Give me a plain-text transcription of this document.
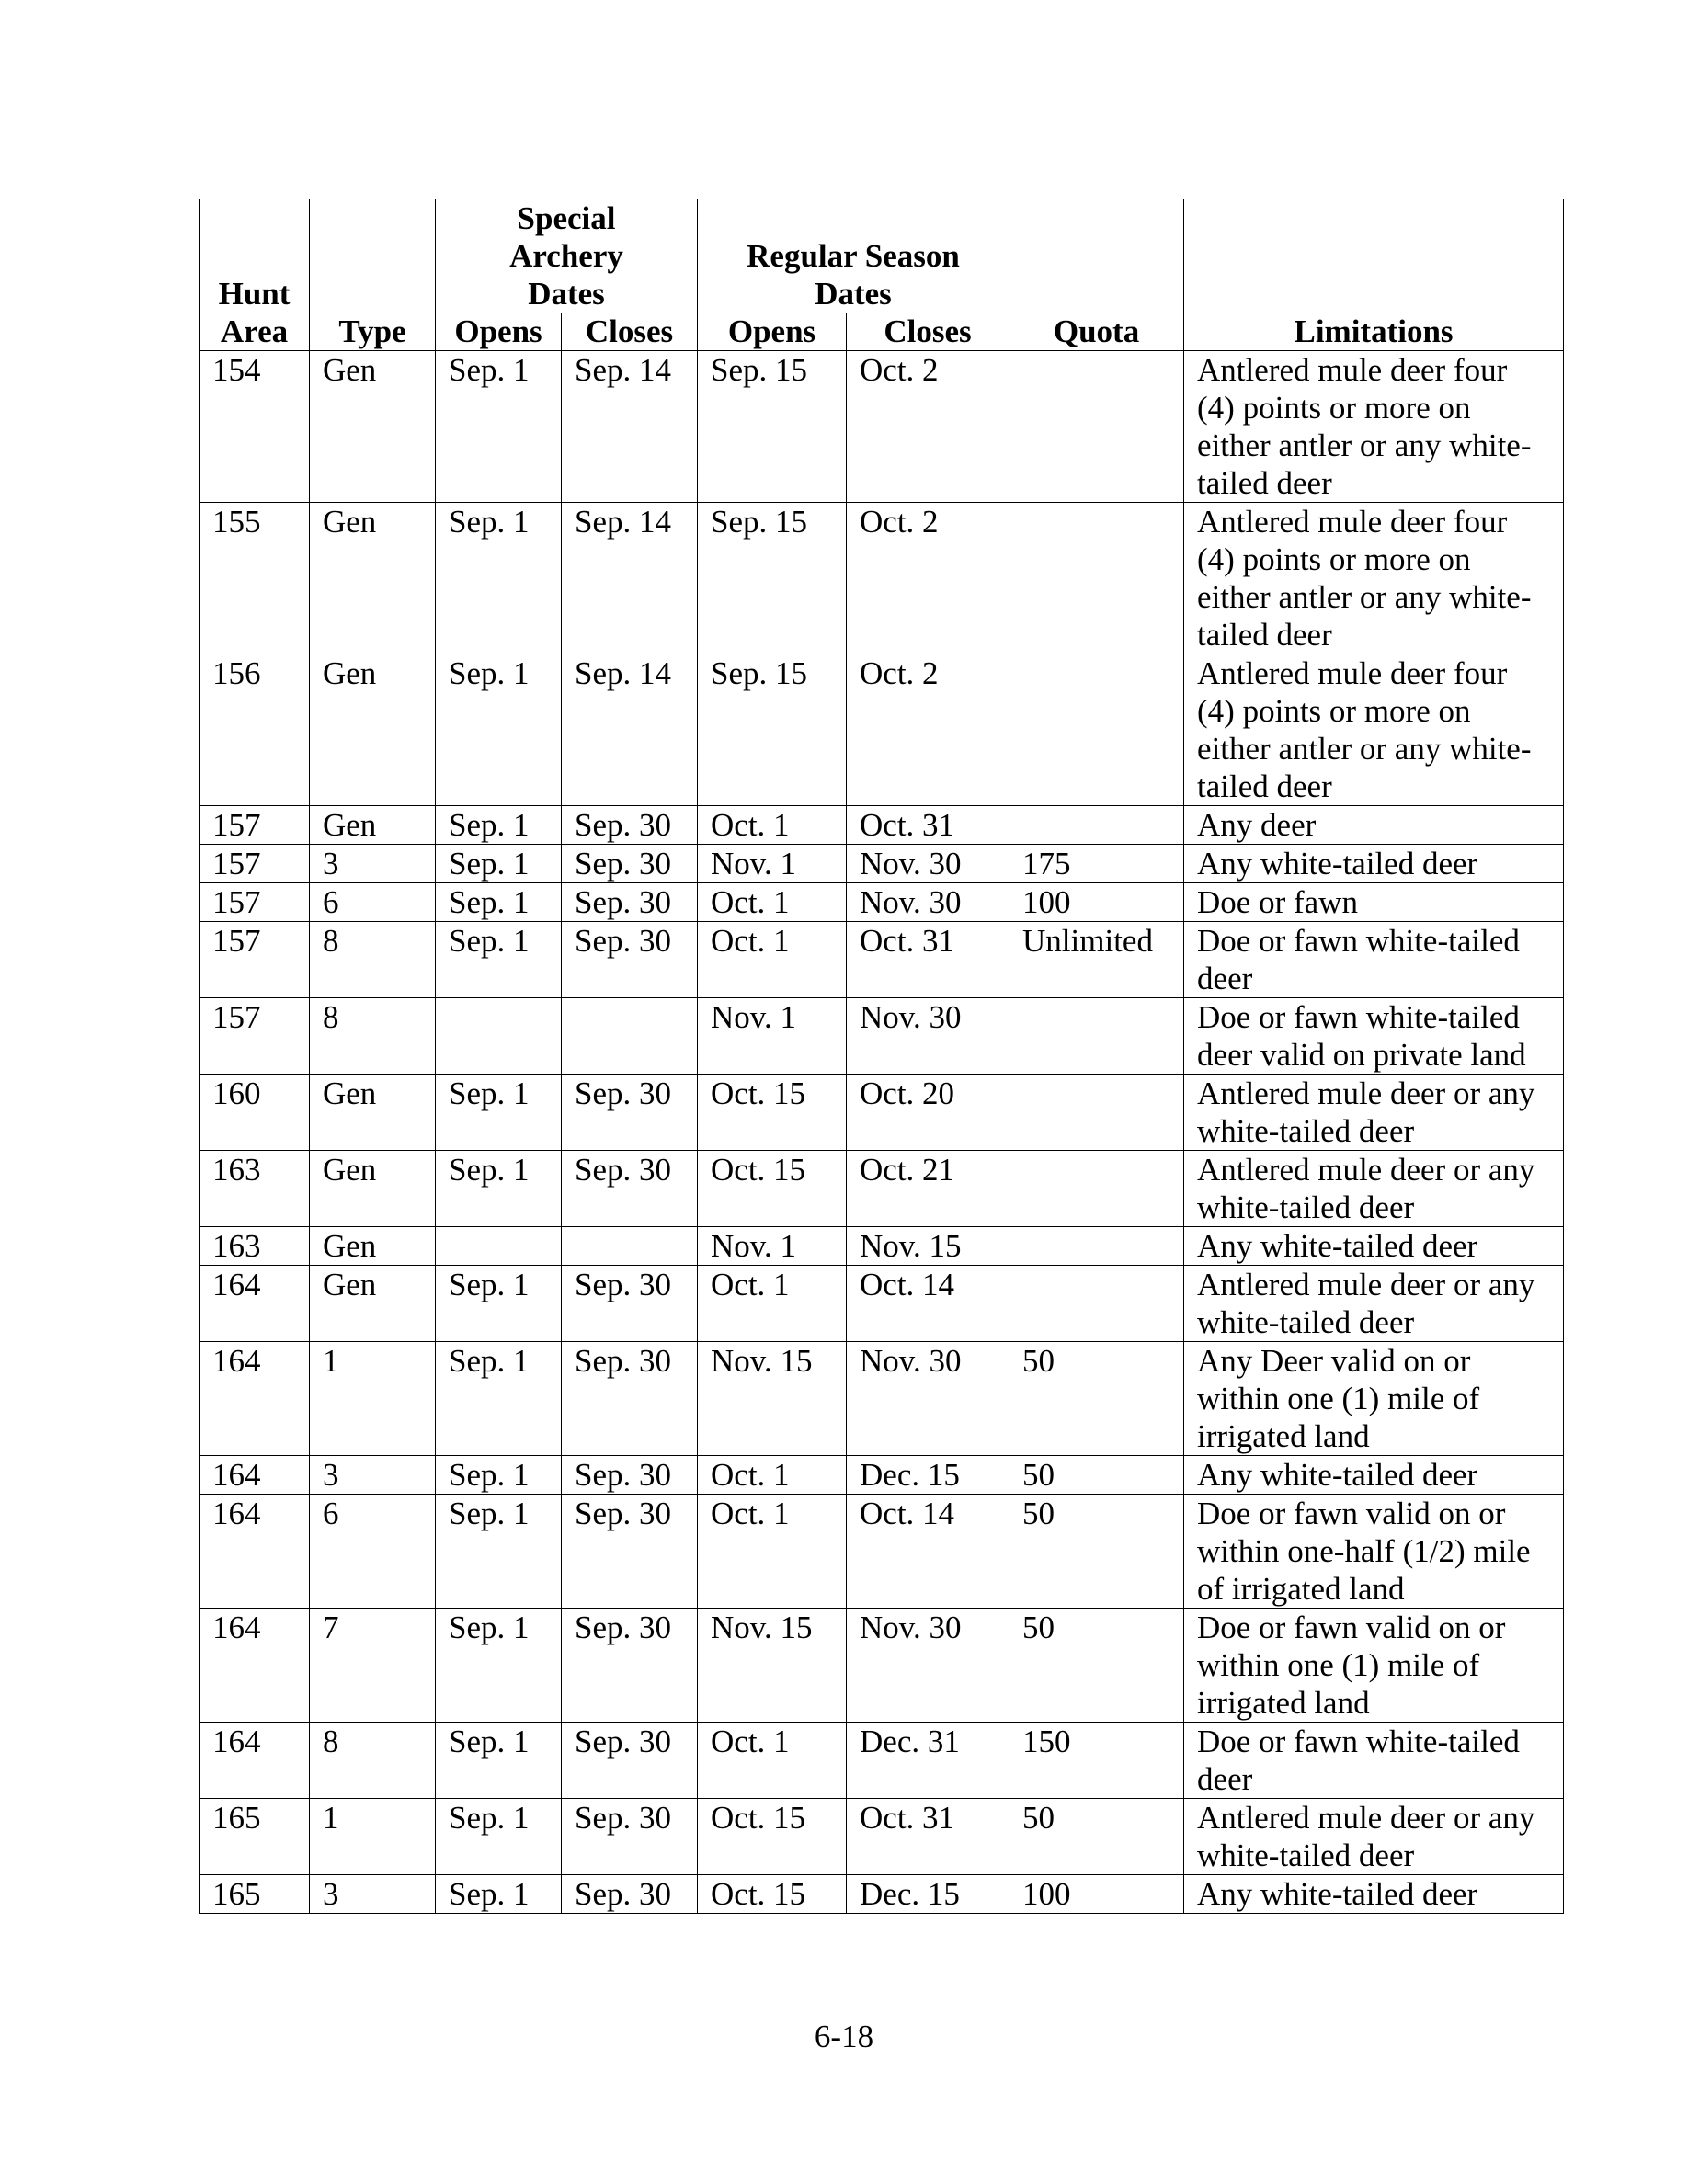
Hunt Area	Type	Special Archery Dates		Regular Season Dates		Quota	Limitations
		Opens	Closes	Opens	Closes		
154	Gen	Sep. 1	Sep. 14	Sep. 15	Oct. 2		Antlered mule deer four (4) points or more on either antler or any white-tailed deer
155	Gen	Sep. 1	Sep. 14	Sep. 15	Oct. 2		Antlered mule deer four (4) points or more on either antler or any white-tailed deer
156	Gen	Sep. 1	Sep. 14	Sep. 15	Oct. 2		Antlered mule deer four (4) points or more on either antler or any white-tailed deer
157	Gen	Sep. 1	Sep. 30	Oct. 1	Oct. 31		Any deer
157	3	Sep. 1	Sep. 30	Nov. 1	Nov. 30	175	Any white-tailed deer
157	6	Sep. 1	Sep. 30	Oct. 1	Nov. 30	100	Doe or fawn
157	8	Sep. 1	Sep. 30	Oct. 1	Oct. 31	Unlimited	Doe or fawn white-tailed deer
157	8			Nov. 1	Nov. 30		Doe or fawn white-tailed deer valid on private land
160	Gen	Sep. 1	Sep. 30	Oct. 15	Oct. 20		Antlered mule deer or any white-tailed deer
163	Gen	Sep. 1	Sep. 30	Oct. 15	Oct. 21		Antlered mule deer or any white-tailed deer
163	Gen			Nov. 1	Nov. 15		Any white-tailed deer
164	Gen	Sep. 1	Sep. 30	Oct. 1	Oct. 14		Antlered mule deer or any white-tailed deer
164	1	Sep. 1	Sep. 30	Nov. 15	Nov. 30	50	Any Deer valid on or within one (1) mile of irrigated land
164	3	Sep. 1	Sep. 30	Oct. 1	Dec. 15	50	Any white-tailed deer
164	6	Sep. 1	Sep. 30	Oct. 1	Oct. 14	50	Doe or fawn valid on or within one-half (1/2) mile of irrigated land
164	7	Sep. 1	Sep. 30	Nov. 15	Nov. 30	50	Doe or fawn valid on or within one (1) mile of irrigated land
164	8	Sep. 1	Sep. 30	Oct. 1	Dec. 31	150	Doe or fawn white-tailed deer
165	1	Sep. 1	Sep. 30	Oct. 15	Oct. 31	50	Antlered mule deer or any white-tailed deer
165	3	Sep. 1	Sep. 30	Oct. 15	Dec. 15	100	Any white-tailed deer
6-18
